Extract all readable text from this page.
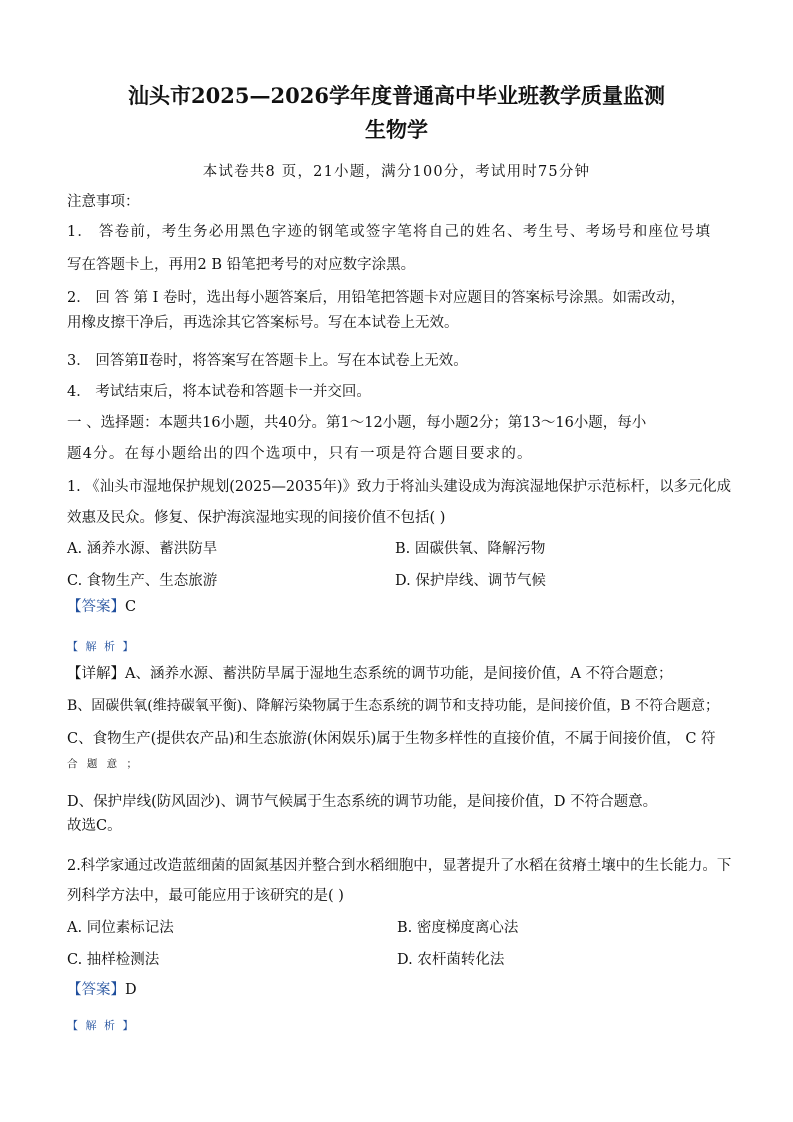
汕头市2025—2026学年度普通高中毕业班教学质量监测
生物学
本试卷共8 页，21小题，满分100分，考试用时75分钟
注意事项：
1． 答卷前，考生务必用黑色字迹的钢笔或签字笔将自己的姓名、考生号、考场号和座位号填
写在答题卡上，再用2 B 铅笔把考号的对应数字涂黑。
2． 回 答 第 I 卷时，选出每小题答案后，用铅笔把答题卡对应题目的答案标号涂黑。如需改动，
用橡皮擦干净后，再选涂其它答案标号。写在本试卷上无效。
3． 回答第Ⅱ卷时，将答案写在答题卡上。写在本试卷上无效。
4． 考试结束后，将本试卷和答题卡一并交回。
一 、选择题：本题共16小题，共40分。第1～12小题，每小题2分；第13～16小题，每小
题4分。在每小题给出的四个选项中，只有一项是符合题目要求的。
1. 《汕头市湿地保护规划(2025—2035年)》致力于将汕头建设成为海滨湿地保护示范标杆，以多元化成
效惠及民众。修复、保护海滨湿地实现的间接价值不包括( )
A. 涵养水源、蓄洪防旱	B. 固碳供氧、降解污物
C. 食物生产、生态旅游	D. 保护岸线、调节气候
【答案】C
【 解 析 】
【详解】A、涵养水源、蓄洪防旱属于湿地生态系统的调节功能，是间接价值，A 不符合题意；
B、固碳供氧(维持碳氧平衡)、降解污染物属于生态系统的调节和支持功能，是间接价值，B 不符合题意；
C、食物生产(提供农产品)和生态旅游(休闲娱乐)属于生物多样性的直接价值，不属于间接价值， C 符
合 题 意 ；
D、保护岸线(防风固沙)、调节气候属于生态系统的调节功能，是间接价值，D 不符合题意。
故选C。
2.科学家通过改造蓝细菌的固氮基因并整合到水稻细胞中，显著提升了水稻在贫瘠土壤中的生长能力。下
列科学方法中，最可能应用于该研究的是( )
A. 同位素标记法	B. 密度梯度离心法
C. 抽样检测法	D. 农杆菌转化法
【答案】D
【 解 析 】
